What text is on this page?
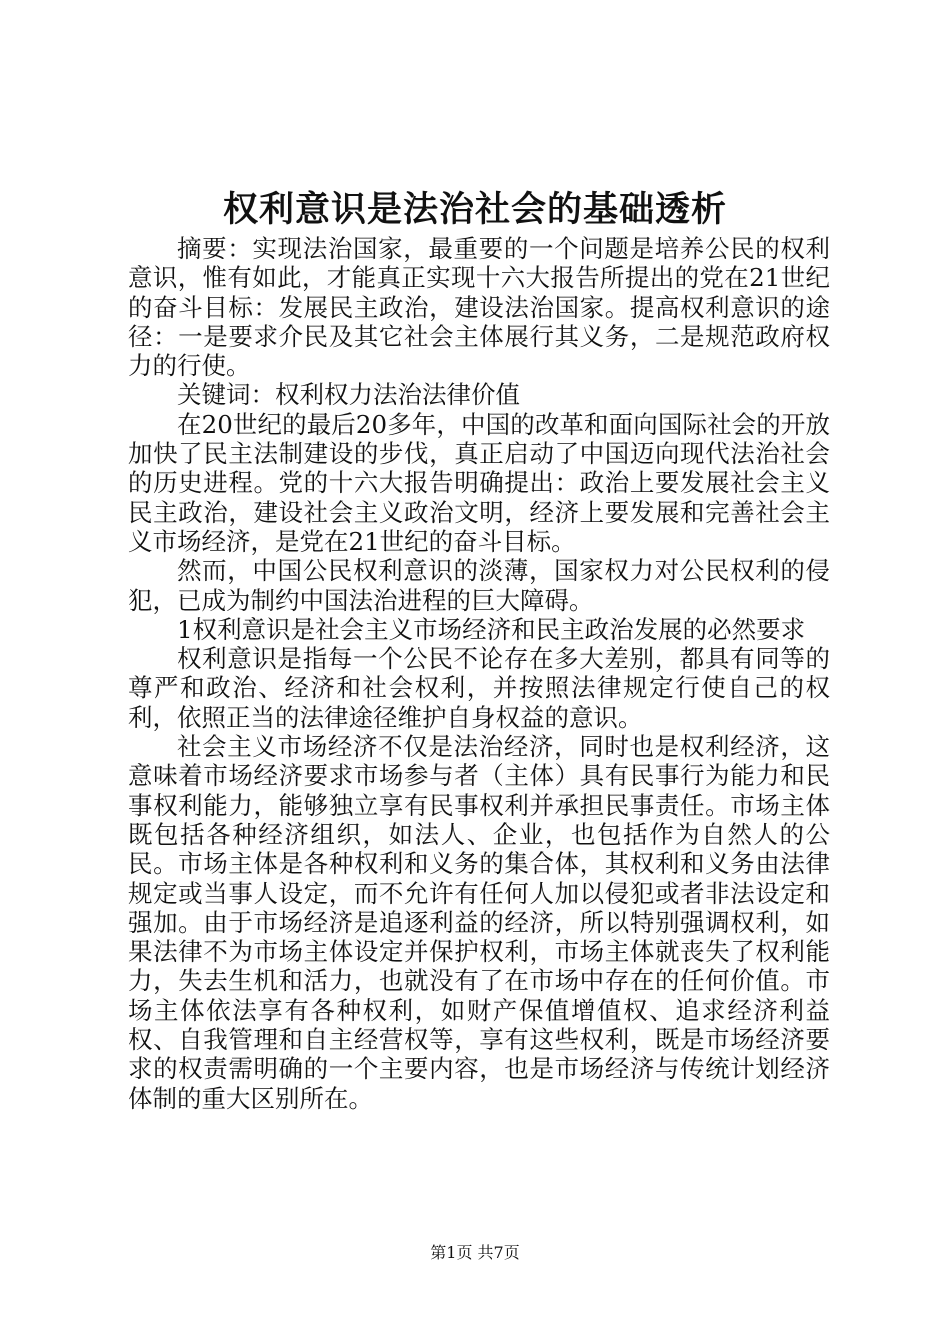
权利意识是法治社会的基础透析

摘要：实现法治国家，最重要的一个问题是培养公民的权利意识，惟有如此，才能真正实现十六大报告所提出的党在21世纪的奋斗目标：发展民主政治，建设法治国家。提高权利意识的途径：一是要求介民及其它社会主体展行其义务，二是规范政府权力的行使。

关键词：权利权力法治法律价值

在20世纪的最后20多年，中国的改革和面向国际社会的开放加快了民主法制建设的步伐，真正启动了中国迈向现代法治社会的历史进程。党的十六大报告明确提出：政治上要发展社会主义民主政治，建设社会主义政治文明，经济上要发展和完善社会主义市场经济，是党在21世纪的奋斗目标。

然而，中国公民权利意识的淡薄，国家权力对公民权利的侵犯，已成为制约中国法治进程的巨大障碍。

1权利意识是社会主义市场经济和民主政治发展的必然要求

权利意识是指每一个公民不论存在多大差别，都具有同等的尊严和政治、经济和社会权利，并按照法律规定行使自己的权利，依照正当的法律途径维护自身权益的意识。

社会主义市场经济不仅是法治经济，同时也是权利经济，这意味着市场经济要求市场参与者（主体）具有民事行为能力和民事权利能力，能够独立享有民事权利并承担民事责任。市场主体既包括各种经济组织，如法人、企业，也包括作为自然人的公民。市场主体是各种权利和义务的集合体，其权利和义务由法律规定或当事人设定，而不允许有任何人加以侵犯或者非法设定和强加。由于市场经济是追逐利益的经济，所以特别强调权利，如果法律不为市场主体设定并保护权利，市场主体就丧失了权利能力，失去生机和活力，也就没有了在市场中存在的任何价值。市场主体依法享有各种权利，如财产保值增值权、追求经济利益权、自我管理和自主经营权等，享有这些权利，既是市场经济要求的权责需明确的一个主要内容，也是市场经济与传统计划经济体制的重大区别所在。

第1页 共7页
